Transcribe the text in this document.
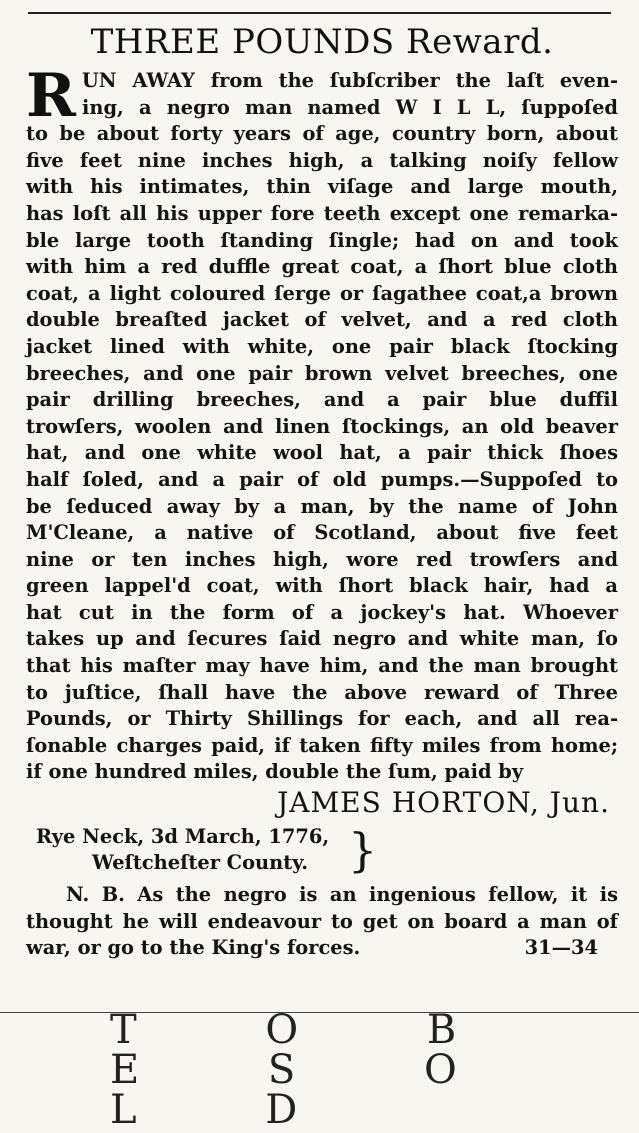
THREE POUNDS Reward.
R UN AWAY from the ſubſcriber the laſt even-
ing, a negro man named W I L L, ſuppoſed
to be about forty years of age, country born, about
five feet nine inches high, a talking noiſy fellow
with his intimates, thin viſage and large mouth,
has loſt all his upper fore teeth except one remarka-
ble large tooth ſtanding ſingle; had on and took
with him a red duffle great coat, a ſhort blue cloth
coat, a light coloured ſerge or ſagathee coat,a brown
double breaſted jacket of velvet, and a red cloth
jacket lined with white, one pair black ſtocking
breeches, and one pair brown velvet breeches, one
pair drilling breeches, and a pair blue duffil
trowſers, woolen and linen ſtockings, an old beaver
hat, and one white wool hat, a pair thick ſhoes
half ſoled, and a pair of old pumps.—Suppoſed to
be ſeduced away by a man, by the name of John
M'Cleane, a native of Scotland, about five feet
nine or ten inches high, wore red trowſers and
green lappel'd coat, with ſhort black hair, had a
hat cut in the form of a jockey's hat. Whoever
takes up and ſecures ſaid negro and white man, ſo
that his maſter may have him, and the man brought
to juſtice, ſhall have the above reward of Three
Pounds, or Thirty Shillings for each, and all rea-
ſonable charges paid, if taken fifty miles from home;
if one hundred miles, double the ſum, paid by
JAMES HORTON, Jun.
Rye Neck, 3d March, 1776,
Weſtcheſter County. }
N. B. As the negro is an ingenious fellow, it is
thought he will endeavour to get on board a man of
war, or go to the King's forces.	31—34
T O B E S O L D
